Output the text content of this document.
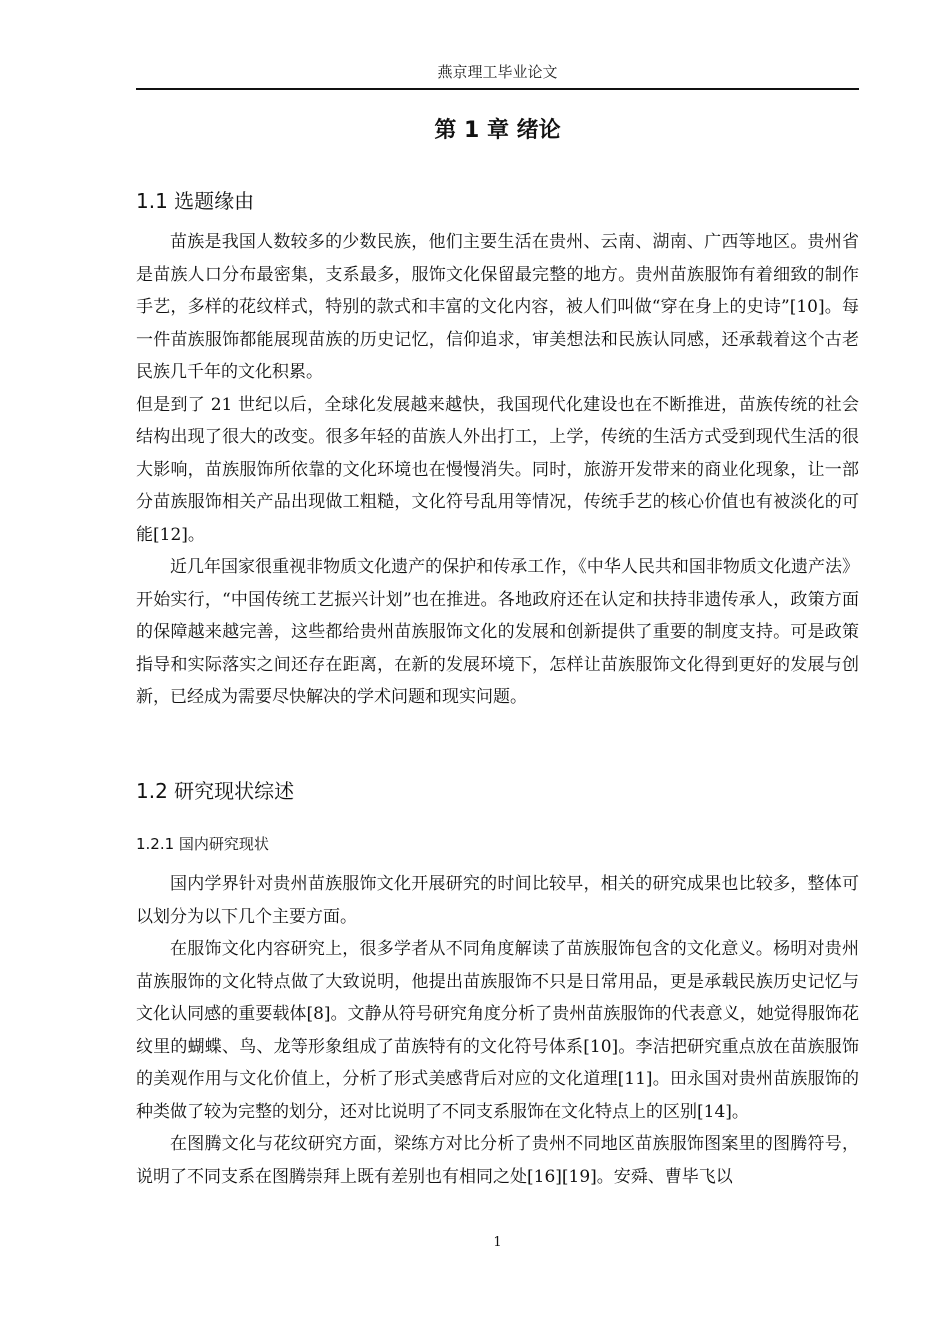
燕京理工毕业论文
第 1 章 绪论
1.1 选题缘由

苗族是我国人数较多的少数民族，他们主要生活在贵州、云南、湖南、广西等地区。贵州省是苗族人口分布最密集，支系最多，服饰文化保留最完整的地方。贵州苗族服饰有着细致的制作手艺，多样的花纹样式，特别的款式和丰富的文化内容，被人们叫做“穿在身上的史诗”[10]。每一件苗族服饰都能展现苗族的历史记忆，信仰追求，审美想法和民族认同感，还承载着这个古老民族几千年的文化积累。

但是到了 21 世纪以后，全球化发展越来越快，我国现代化建设也在不断推进，苗族传统的社会结构出现了很大的改变。很多年轻的苗族人外出打工，上学，传统的生活方式受到现代生活的很大影响，苗族服饰所依靠的文化环境也在慢慢消失。同时，旅游开发带来的商业化现象，让一部分苗族服饰相关产品出现做工粗糙，文化符号乱用等情况，传统手艺的核心价值也有被淡化的可能[12]。

近几年国家很重视非物质文化遗产的保护和传承工作，《中华人民共和国非物质文化遗产法》开始实行，“中国传统工艺振兴计划”也在推进。各地政府还在认定和扶持非遗传承人，政策方面的保障越来越完善，这些都给贵州苗族服饰文化的发展和创新提供了重要的制度支持。可是政策指导和实际落实之间还存在距离，在新的发展环境下，怎样让苗族服饰文化得到更好的发展与创新，已经成为需要尽快解决的学术问题和现实问题。

1.2 研究现状综述
1.2.1 国内研究现状

国内学界针对贵州苗族服饰文化开展研究的时间比较早，相关的研究成果也比较多，整体可以划分为以下几个主要方面。

在服饰文化内容研究上，很多学者从不同角度解读了苗族服饰包含的文化意义。杨明对贵州苗族服饰的文化特点做了大致说明，他提出苗族服饰不只是日常用品，更是承载民族历史记忆与文化认同感的重要载体[8]。文静从符号研究角度分析了贵州苗族服饰的代表意义，她觉得服饰花纹里的蝴蝶、鸟、龙等形象组成了苗族特有的文化符号体系[10]。李洁把研究重点放在苗族服饰的美观作用与文化价值上，分析了形式美感背后对应的文化道理[11]。田永国对贵州苗族服饰的种类做了较为完整的划分，还对比说明了不同支系服饰在文化特点上的区别[14]。

在图腾文化与花纹研究方面，梁练方对比分析了贵州不同地区苗族服饰图案里的图腾符号，说明了不同支系在图腾崇拜上既有差别也有相同之处[16][19]。安舜、曹毕飞以

1
